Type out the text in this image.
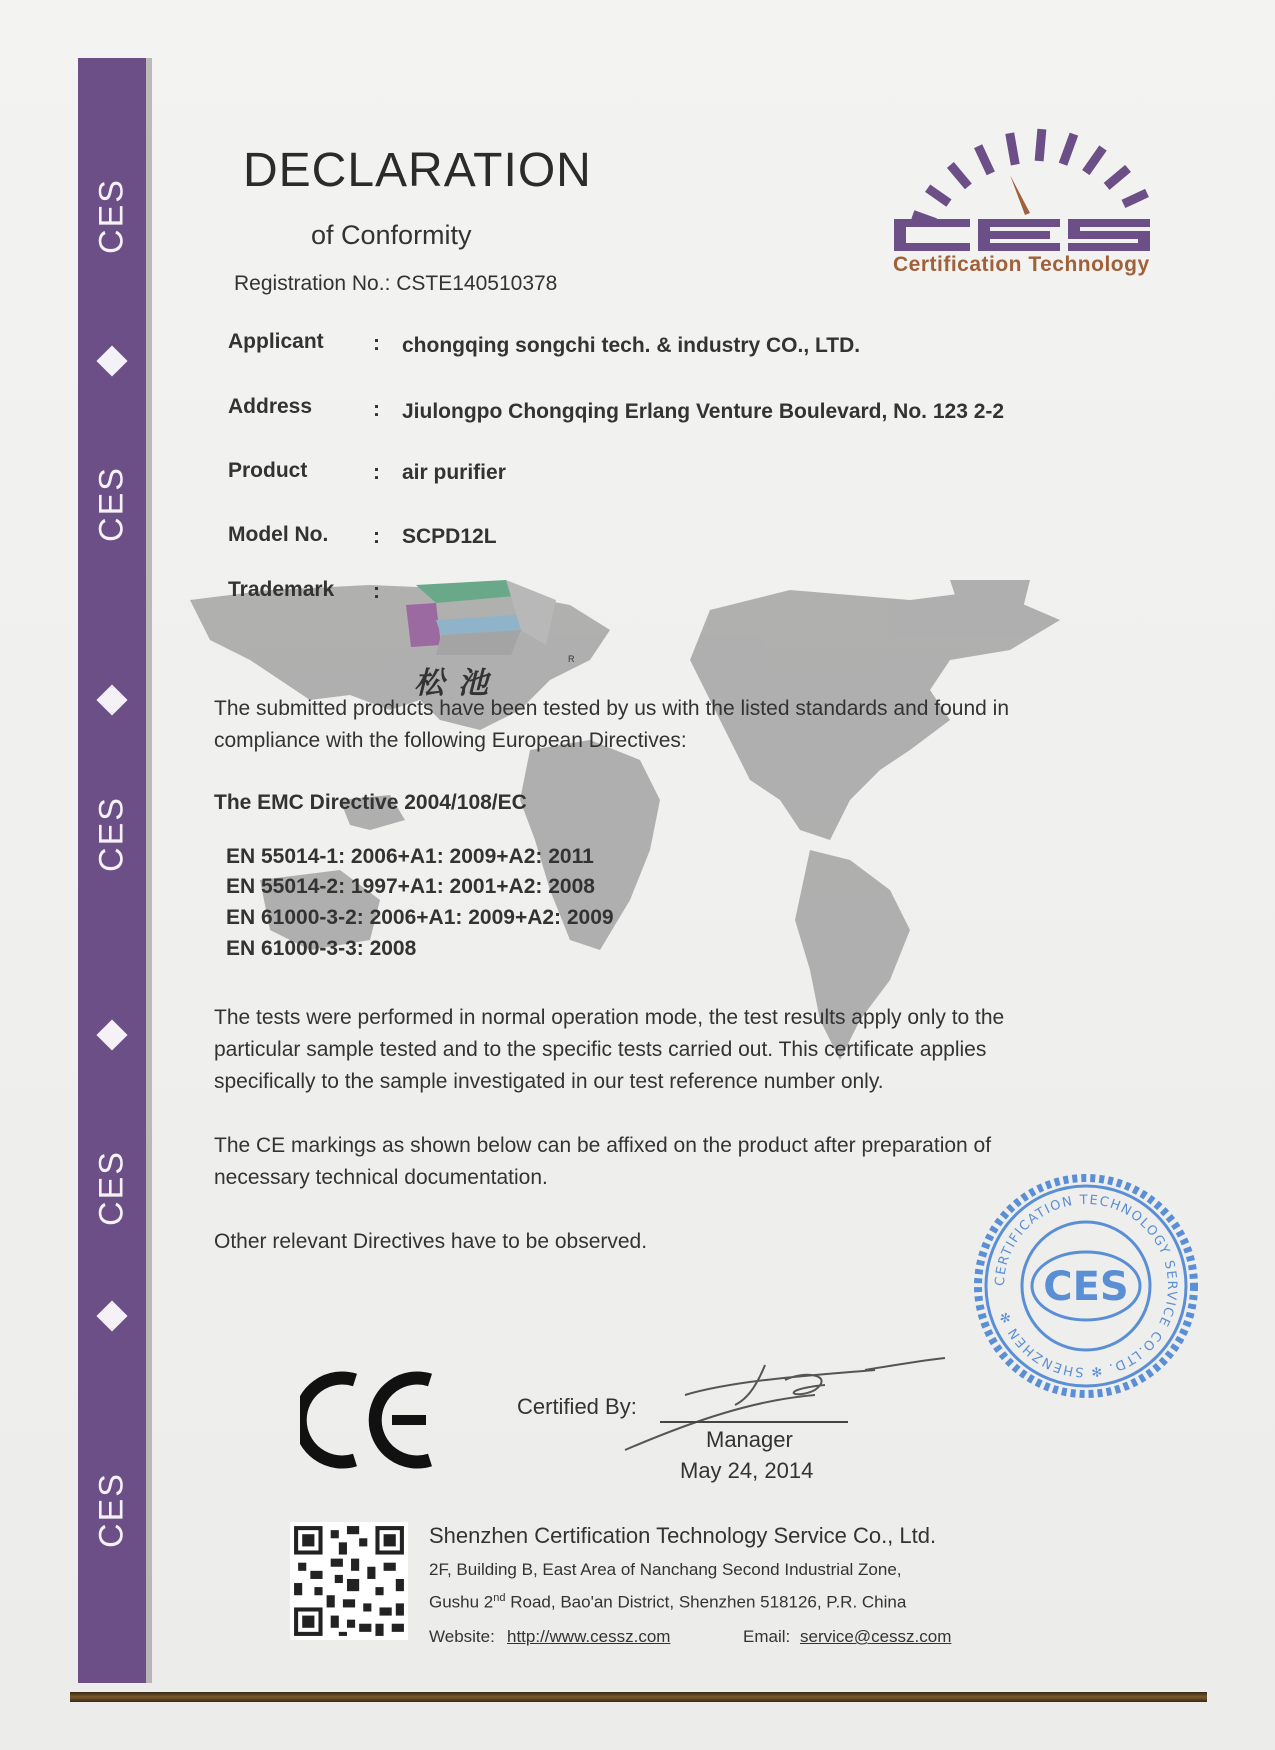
CES
CES
CES
CES
CES
DECLARATION
of Conformity
Registration No.: CSTE140510378
Certification Technology
Applicant : chongqing songchi tech. & industry CO., LTD.
Address	: Jiulongpo Chongqing Erlang Venture Boulevard, No. 123 2-2
Product	: air purifier
Model No. : SCPD12L
Trademark :
松池
R
The submitted products have been tested by us with the listed standards and found in
compliance with the following European Directives:
The EMC Directive 2004/108/EC
EN 55014-1: 2006+A1: 2009+A2: 2011
EN 55014-2: 1997+A1: 2001+A2: 2008
EN 61000-3-2: 2006+A1: 2009+A2: 2009
EN 61000-3-3: 2008
The tests were performed in normal operation mode, the test results apply only to the
particular sample tested and to the specific tests carried out. This certificate applies
specifically to the sample investigated in our test reference number only.
The CE markings as shown below can be affixed on the product after preparation of
necessary technical documentation.
Other relevant Directives have to be observed.
Certified By:
Manager
May 24, 2014
CERTIFICATION TECHNOLOGY SERVICE CO.LTD. ✻ SHENZHEN ✻
CES
Shenzhen Certification Technology Service Co., Ltd.
2F, Building B, East Area of Nanchang Second Industrial Zone,
Gushu 2nd Road, Bao'an District, Shenzhen 518126, P.R. China
Website: http://www.cessz.com	Email: service@cessz.com
